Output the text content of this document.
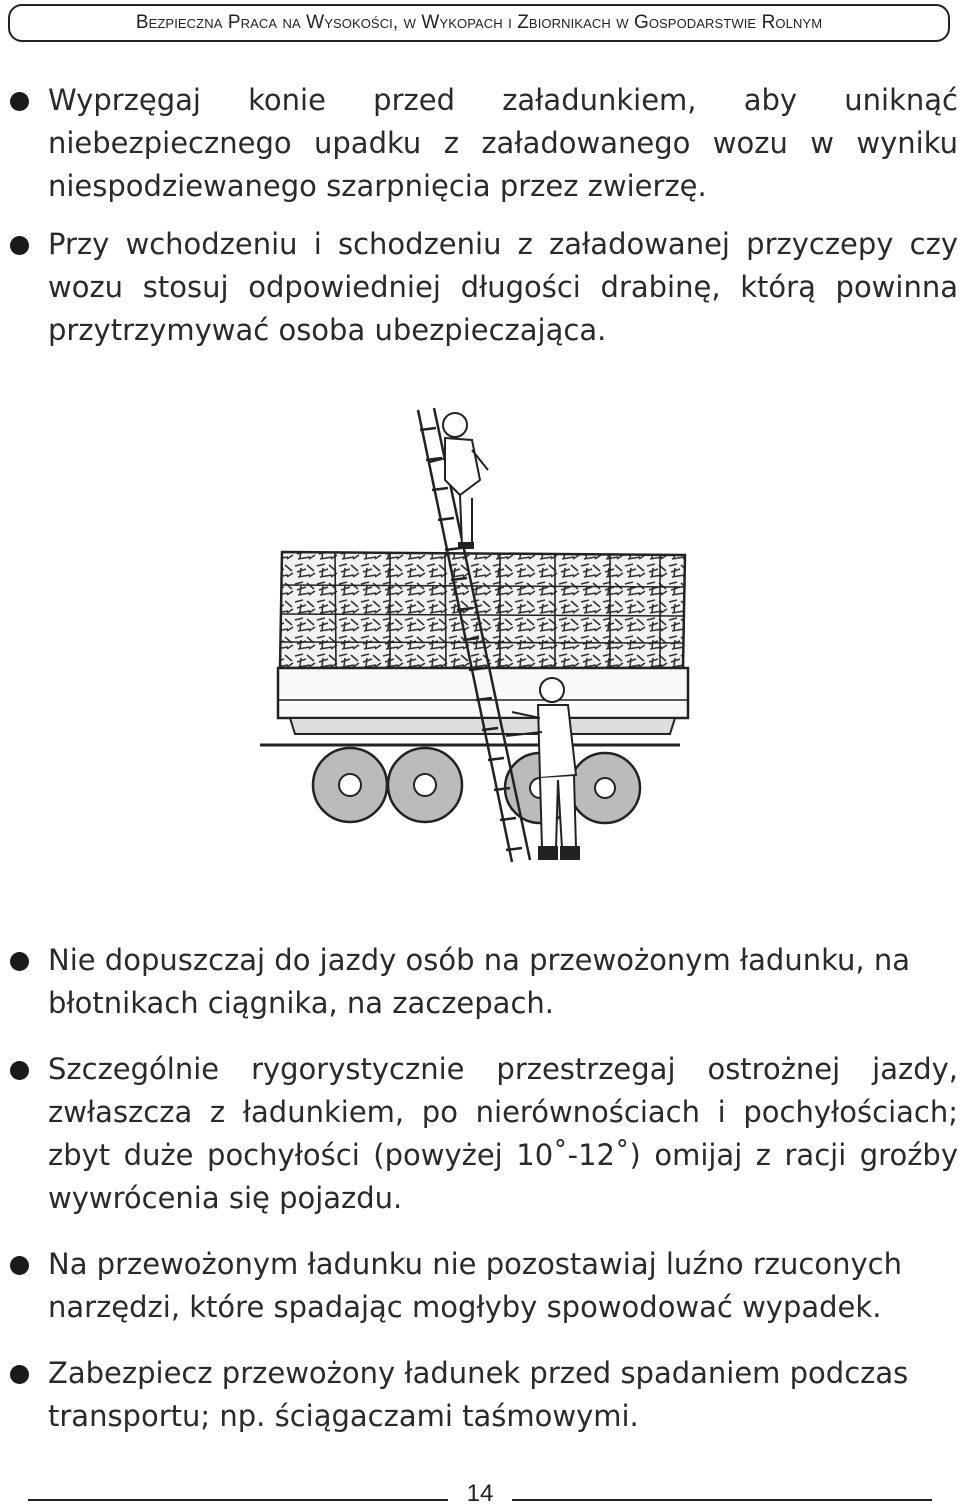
Bezpieczna Praca na Wysokości, w Wykopach i Zbiornikach w Gospodarstwie Rolnym

Wyprzęgaj konie przed załadunkiem, aby uniknąć niebezpiecznego upadku z załadowanego wozu w wyniku niespodziewanego szarpnięcia przez zwierzę.

Przy wchodzeniu i schodzeniu z załadowanej przyczepy czy wozu stosuj odpowiedniej długości drabinę, którą powinna przytrzymywać osoba ubezpieczająca.

Nie dopuszczaj do jazdy osób na przewożonym ładunku, na błotnikach ciągnika, na zaczepach.

Szczególnie rygorystycznie przestrzegaj ostrożnej jazdy, zwłaszcza z ładunkiem, po nierównościach i pochyłościach; zbyt duże pochyłości (powyżej 10˚-12˚) omijaj z racji groźby wywrócenia się pojazdu.

Na przewożonym ładunku nie pozostawiaj luźno rzuconych narzędzi, które spadając mogłyby spowodować wypadek.

Zabezpiecz przewożony ładunek przed spadaniem podczas transportu; np. ściągaczami taśmowymi.

14
